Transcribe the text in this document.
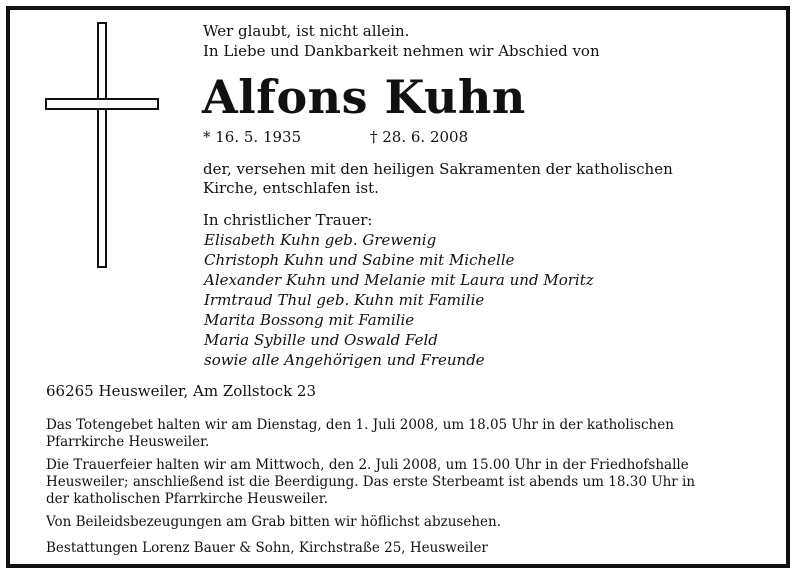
Wer glaubt, ist nicht allein.
In Liebe und Dankbarkeit nehmen wir Abschied von
Alfons Kuhn
* 16. 5. 1935	† 28. 6. 2008
der, versehen mit den heiligen Sakramenten der katholischen
Kirche, entschlafen ist.
In christlicher Trauer:
Elisabeth Kuhn geb. Grewenig
Christoph Kuhn und Sabine mit Michelle
Alexander Kuhn und Melanie mit Laura und Moritz
Irmtraud Thul geb. Kuhn mit Familie
Marita Bossong mit Familie
Maria Sybille und Oswald Feld
sowie alle Angehörigen und Freunde
66265 Heusweiler, Am Zollstock 23
Das Totengebet halten wir am Dienstag, den 1. Juli 2008, um 18.05 Uhr in der katholischen
Pfarrkirche Heusweiler.
Die Trauerfeier halten wir am Mittwoch, den 2. Juli 2008, um 15.00 Uhr in der Friedhofshalle
Heusweiler; anschließend ist die Beerdigung. Das erste Sterbeamt ist abends um 18.30 Uhr in
der katholischen Pfarrkirche Heusweiler.
Von Beileidsbezeugungen am Grab bitten wir höflichst abzusehen.
Bestattungen Lorenz Bauer & Sohn, Kirchstraße 25, Heusweiler
